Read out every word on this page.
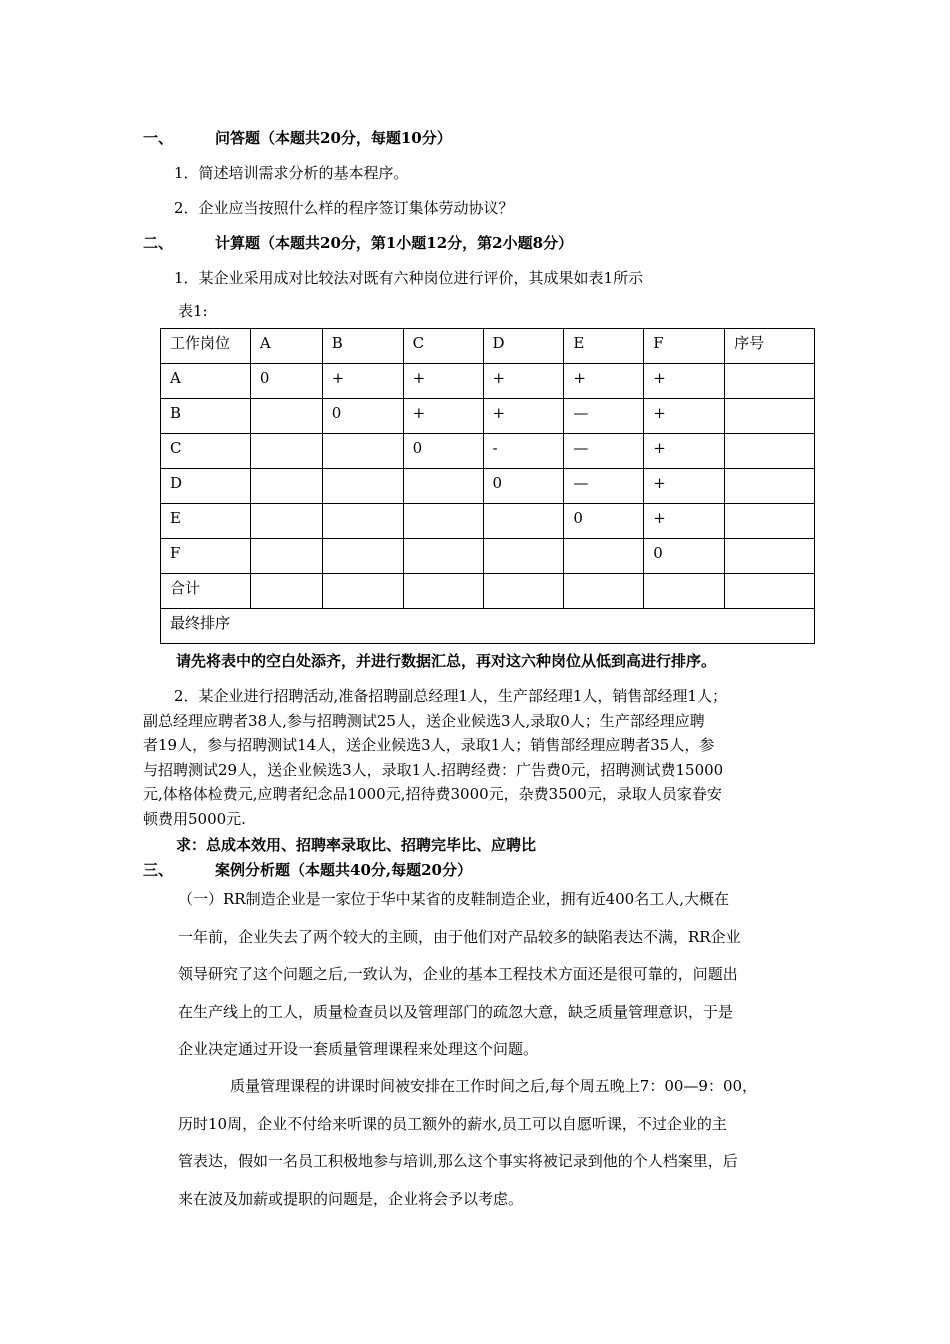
一、	问答题（本题共20分，每题10分）
1．简述培训需求分析的基本程序。
2．企业应当按照什么样的程序签订集体劳动协议？
二、	计算题（本题共20分，第1小题12分，第2小题8分）
1．某企业采用成对比较法对既有六种岗位进行评价，其成果如表1所示
表1:
工作岗位	A	B	C	D	E	F	序号
A	0	+	+	+	+	+	
B		0	+	+	—	+	
C			0	-	—	+	
D				0	—	+	
E					0	+	
F						0	
合计							
最终排序							
请先将表中的空白处添齐，并进行数据汇总，再对这六种岗位从低到高进行排序。
2．某企业进行招聘活动,准备招聘副总经理1人，生产部经理1人，销售部经理1人；
副总经理应聘者38人,参与招聘测试25人，送企业候选3人,录取0人；生产部经理应聘
者19人，参与招聘测试14人，送企业候选3人，录取1人；销售部经理应聘者35人，参
与招聘测试29人，送企业候选3人，录取1人.招聘经费：广告费0元，招聘测试费15000
元,体格体检费元,应聘者纪念品1000元,招待费3000元，杂费3500元，录取人员家眷安
顿费用5000元.
求：总成本效用、招聘率录取比、招聘完毕比、应聘比
三、	案例分析题（本题共40分,每题20分）
（一）RR制造企业是一家位于华中某省的皮鞋制造企业，拥有近400名工人,大概在
一年前，企业失去了两个较大的主顾，由于他们对产品较多的缺陷表达不满，RR企业
领导研究了这个问题之后,一致认为，企业的基本工程技术方面还是很可靠的，问题出
在生产线上的工人，质量检查员以及管理部门的疏忽大意，缺乏质量管理意识，于是
企业决定通过开设一套质量管理课程来处理这个问题。
质量管理课程的讲课时间被安排在工作时间之后,每个周五晚上7：00—9：00，
历时10周，企业不付给来听课的员工额外的薪水,员工可以自愿听课，不过企业的主
管表达，假如一名员工积极地参与培训,那么这个事实将被记录到他的个人档案里，后
来在波及加薪或提职的问题是，企业将会予以考虑。
